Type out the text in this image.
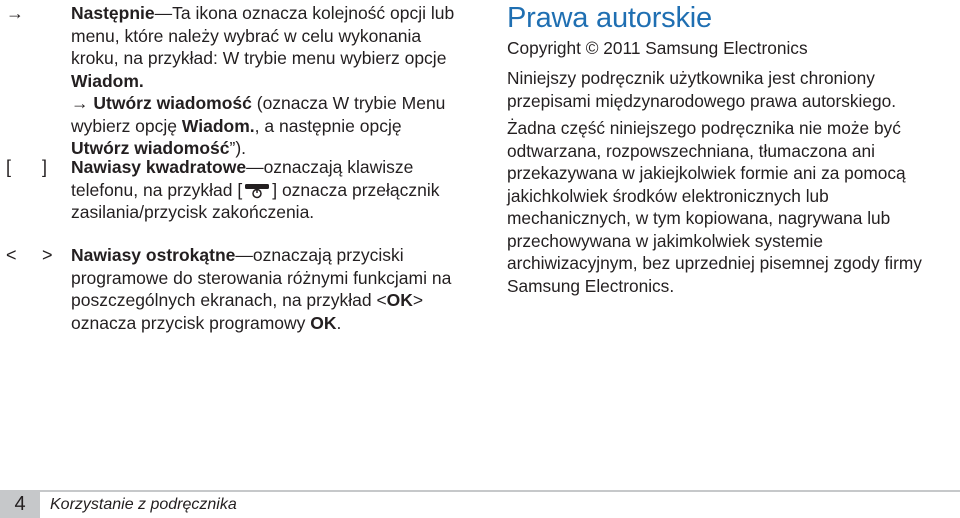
→	Następnie—Ta ikona oznacza kolejność opcji lub menu, które należy wybrać w celu wykonania kroku, na przykład: W trybie menu wybierz opcje Wiadom.
→ Utwórz wiadomość (oznacza W trybie Menu wybierz opcję Wiadom., a następnie opcję Utwórz wiadomość”).
[ ] Nawiasy kwadratowe—oznaczają klawisze telefonu, na przykład [ ] oznacza przełącznik zasilania/przycisk zakończenia.
< > Nawiasy ostrokątne—oznaczają przyciski programowe do sterowania różnymi funkcjami na poszczególnych ekranach, na przykład <OK> oznacza przycisk programowy OK.
Prawa autorskie

Copyright © 2011 Samsung Electronics

Niniejszy podręcznik użytkownika jest chroniony przepisami międzynarodowego prawa autorskiego.

Żadna część niniejszego podręcznika nie może być odtwarzana, rozpowszechniana, tłumaczona ani przekazywana w jakiejkolwiek formie ani za pomocą jakichkolwiek środków elektronicznych lub mechanicznych, w tym kopiowana, nagrywana lub przechowywana w jakimkolwiek systemie archiwizacyjnym, bez uprzedniej pisemnej zgody firmy Samsung Electronics.

4	Korzystanie z podręcznika
